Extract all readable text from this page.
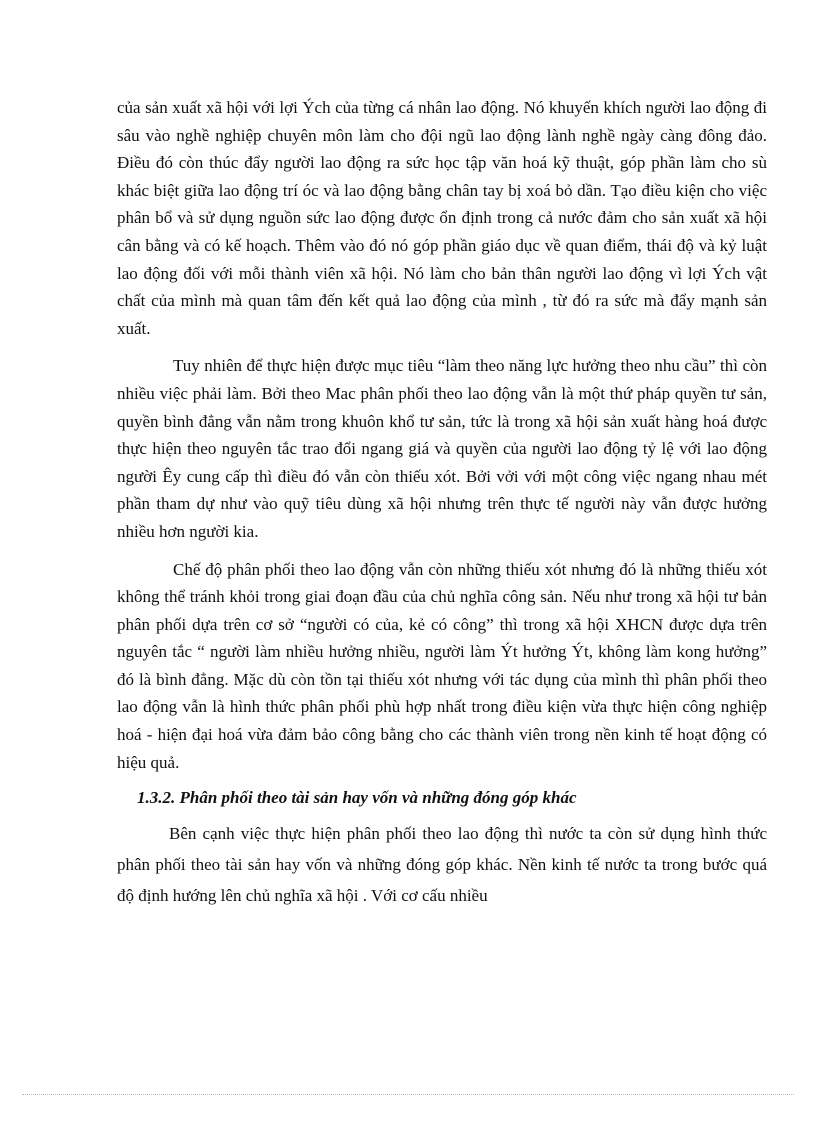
của sản xuất xã hội với lợi Ých của từng cá nhân lao động. Nó khuyến khích người lao động đi sâu vào nghề nghiệp chuyên môn làm cho đội ngũ lao động lành nghề ngày càng đông đảo. Điều đó còn thúc đẩy người lao động ra sức học tập văn hoá kỹ thuật, góp phần làm cho sù khác biệt giữa lao động trí óc và lao động bằng chân tay bị xoá bỏ dần. Tạo điều kiện cho việc phân bổ và sử dụng nguồn sức lao động được ổn định trong cả nước đảm cho sản xuất xã hội cân bằng và có kế hoạch. Thêm vào đó nó góp phần giáo dục về quan điểm, thái độ và kỷ luật lao động đối với mỗi thành viên xã hội. Nó làm cho bản thân người lao động vì lợi Ých vật chất của mình mà quan tâm đến kết quả lao động của mình , từ đó ra sức mà đẩy mạnh sản xuất.

Tuy nhiên để thực hiện được mục tiêu “làm theo năng lực hưởng theo nhu cầu” thì còn nhiều việc phải làm. Bởi theo Mac phân phối theo lao động vẫn là một thứ pháp quyền tư sản, quyền bình đẳng vẫn nằm trong khuôn khổ tư sản, tức là trong xã hội sản xuất hàng hoá được thực hiện theo nguyên tắc trao đổi ngang giá và quyền của người lao động tỷ lệ với lao động người Êy cung cấp thì điều đó vẫn còn thiếu xót. Bởi vởi với một công việc ngang nhau mét phần tham dự như vào quỹ tiêu dùng xã hội nhưng trên thực tế người này vẫn được hưởng nhiều hơn người kia.

Chế độ phân phối theo lao động vẫn còn những thiếu xót nhưng đó là những thiếu xót không thể tránh khỏi trong giai đoạn đầu của chủ nghĩa công sản. Nếu như trong xã hội tư bản phân phối dựa trên cơ sở “người có của, kẻ có công” thì trong xã hội XHCN được dựa trên nguyên tắc “ người làm nhiều hưởng nhiều, người làm Ýt hưởng Ýt, không làm kong hưởng” đó là bình đẳng. Mặc dù còn tồn tại thiếu xót nhưng với tác dụng của mình thì phân phối theo lao động vẫn là hình thức phân phối phù hợp nhất trong điều kiện vừa thực hiện công nghiệp hoá - hiện đại hoá vừa đảm bảo công bằng cho các thành viên trong nền kinh tế hoạt động có hiệu quả.

1.3.2. Phân phối theo tài sản hay vốn và những đóng góp khác

Bên cạnh việc thực hiện phân phối theo lao động thì nước ta còn sử dụng hình thức phân phối theo tài sản hay vốn và những đóng góp khác. Nền kinh tế nước ta trong bước quá độ định hướng lên chủ nghĩa xã hội . Với cơ cấu nhiều
